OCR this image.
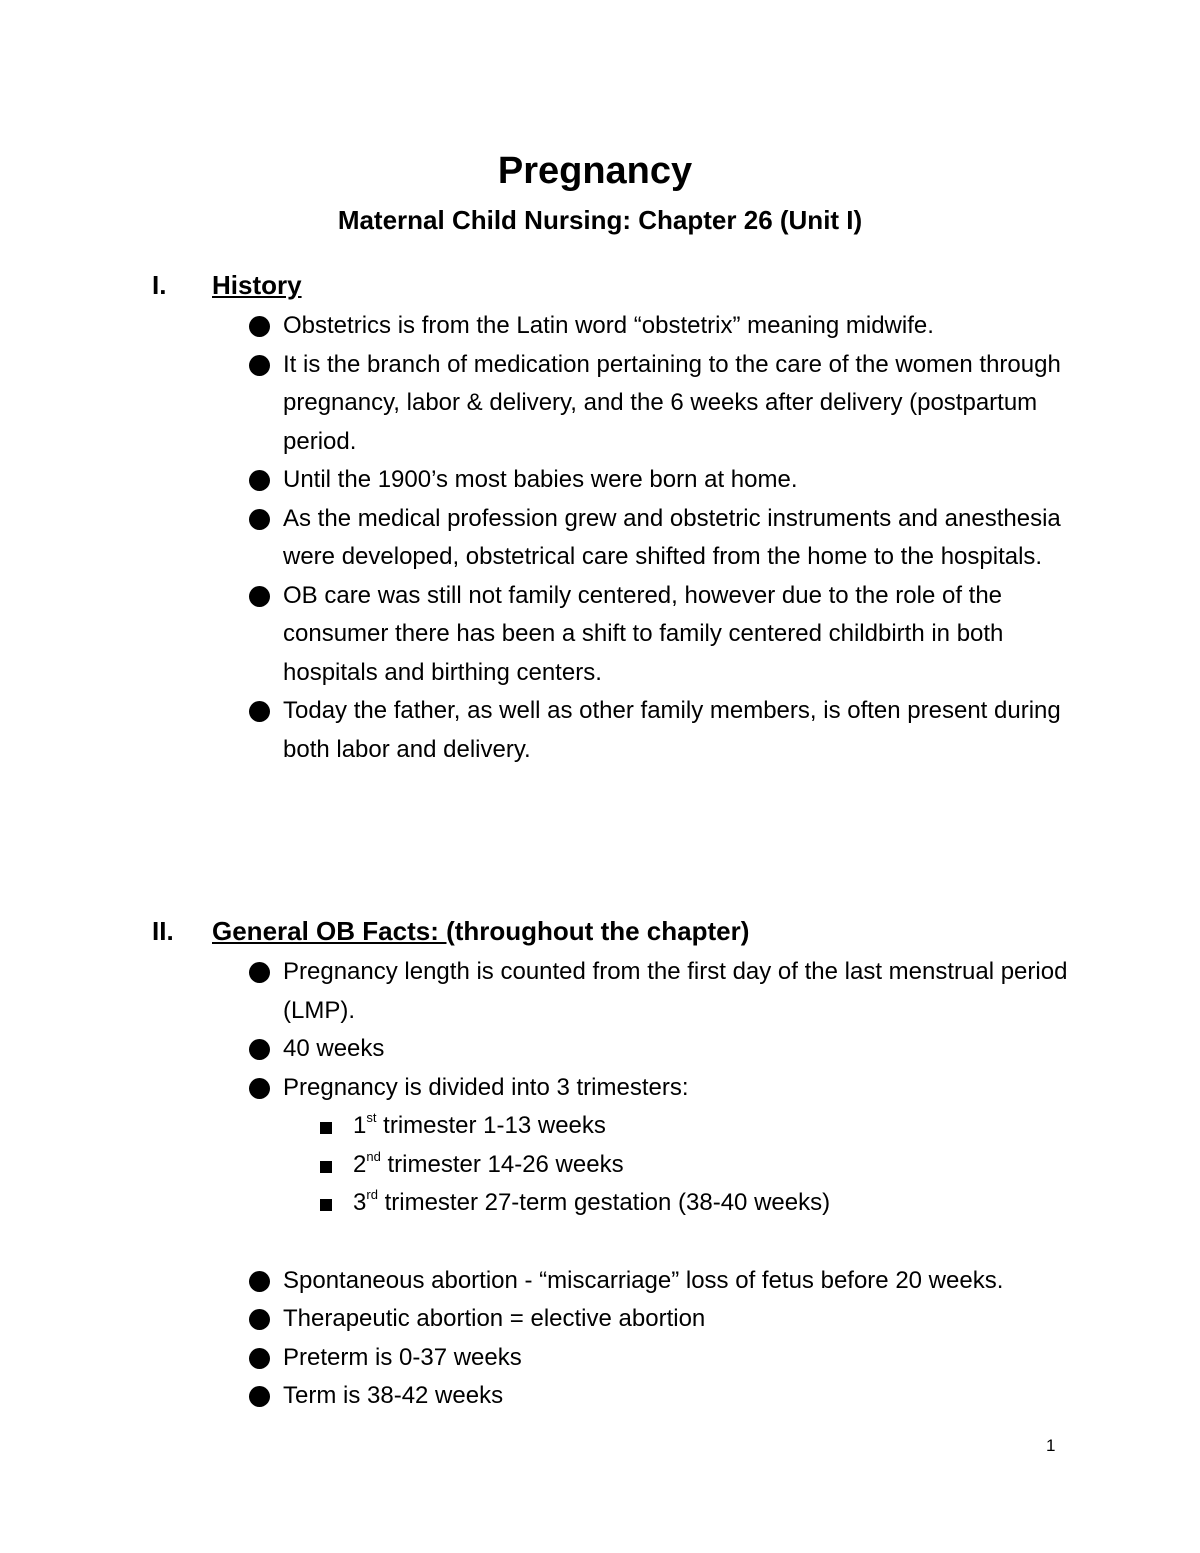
Pregnancy
Maternal Child Nursing: Chapter 26 (Unit I)
I. History
Obstetrics is from the Latin word “obstetrix” meaning midwife.
It is the branch of medication pertaining to the care of the women through pregnancy, labor & delivery, and the 6 weeks after delivery (postpartum period.
Until the 1900’s most babies were born at home.
As the medical profession grew and obstetric instruments and anesthesia were developed, obstetrical care shifted from the home to the hospitals.
OB care was still not family centered, however due to the role of the consumer there has been a shift to family centered childbirth in both hospitals and birthing centers.
Today the father, as well as other family members, is often present during both labor and delivery.
II. General OB Facts: (throughout the chapter)
Pregnancy length is counted from the first day of the last menstrual period (LMP).
40 weeks
Pregnancy is divided into 3 trimesters:
1st trimester 1-13 weeks
2nd trimester 14-26 weeks
3rd trimester 27-term gestation (38-40 weeks)
Spontaneous abortion - “miscarriage” loss of fetus before 20 weeks.
Therapeutic abortion = elective abortion
Preterm is 0-37 weeks
Term is 38-42 weeks
1
